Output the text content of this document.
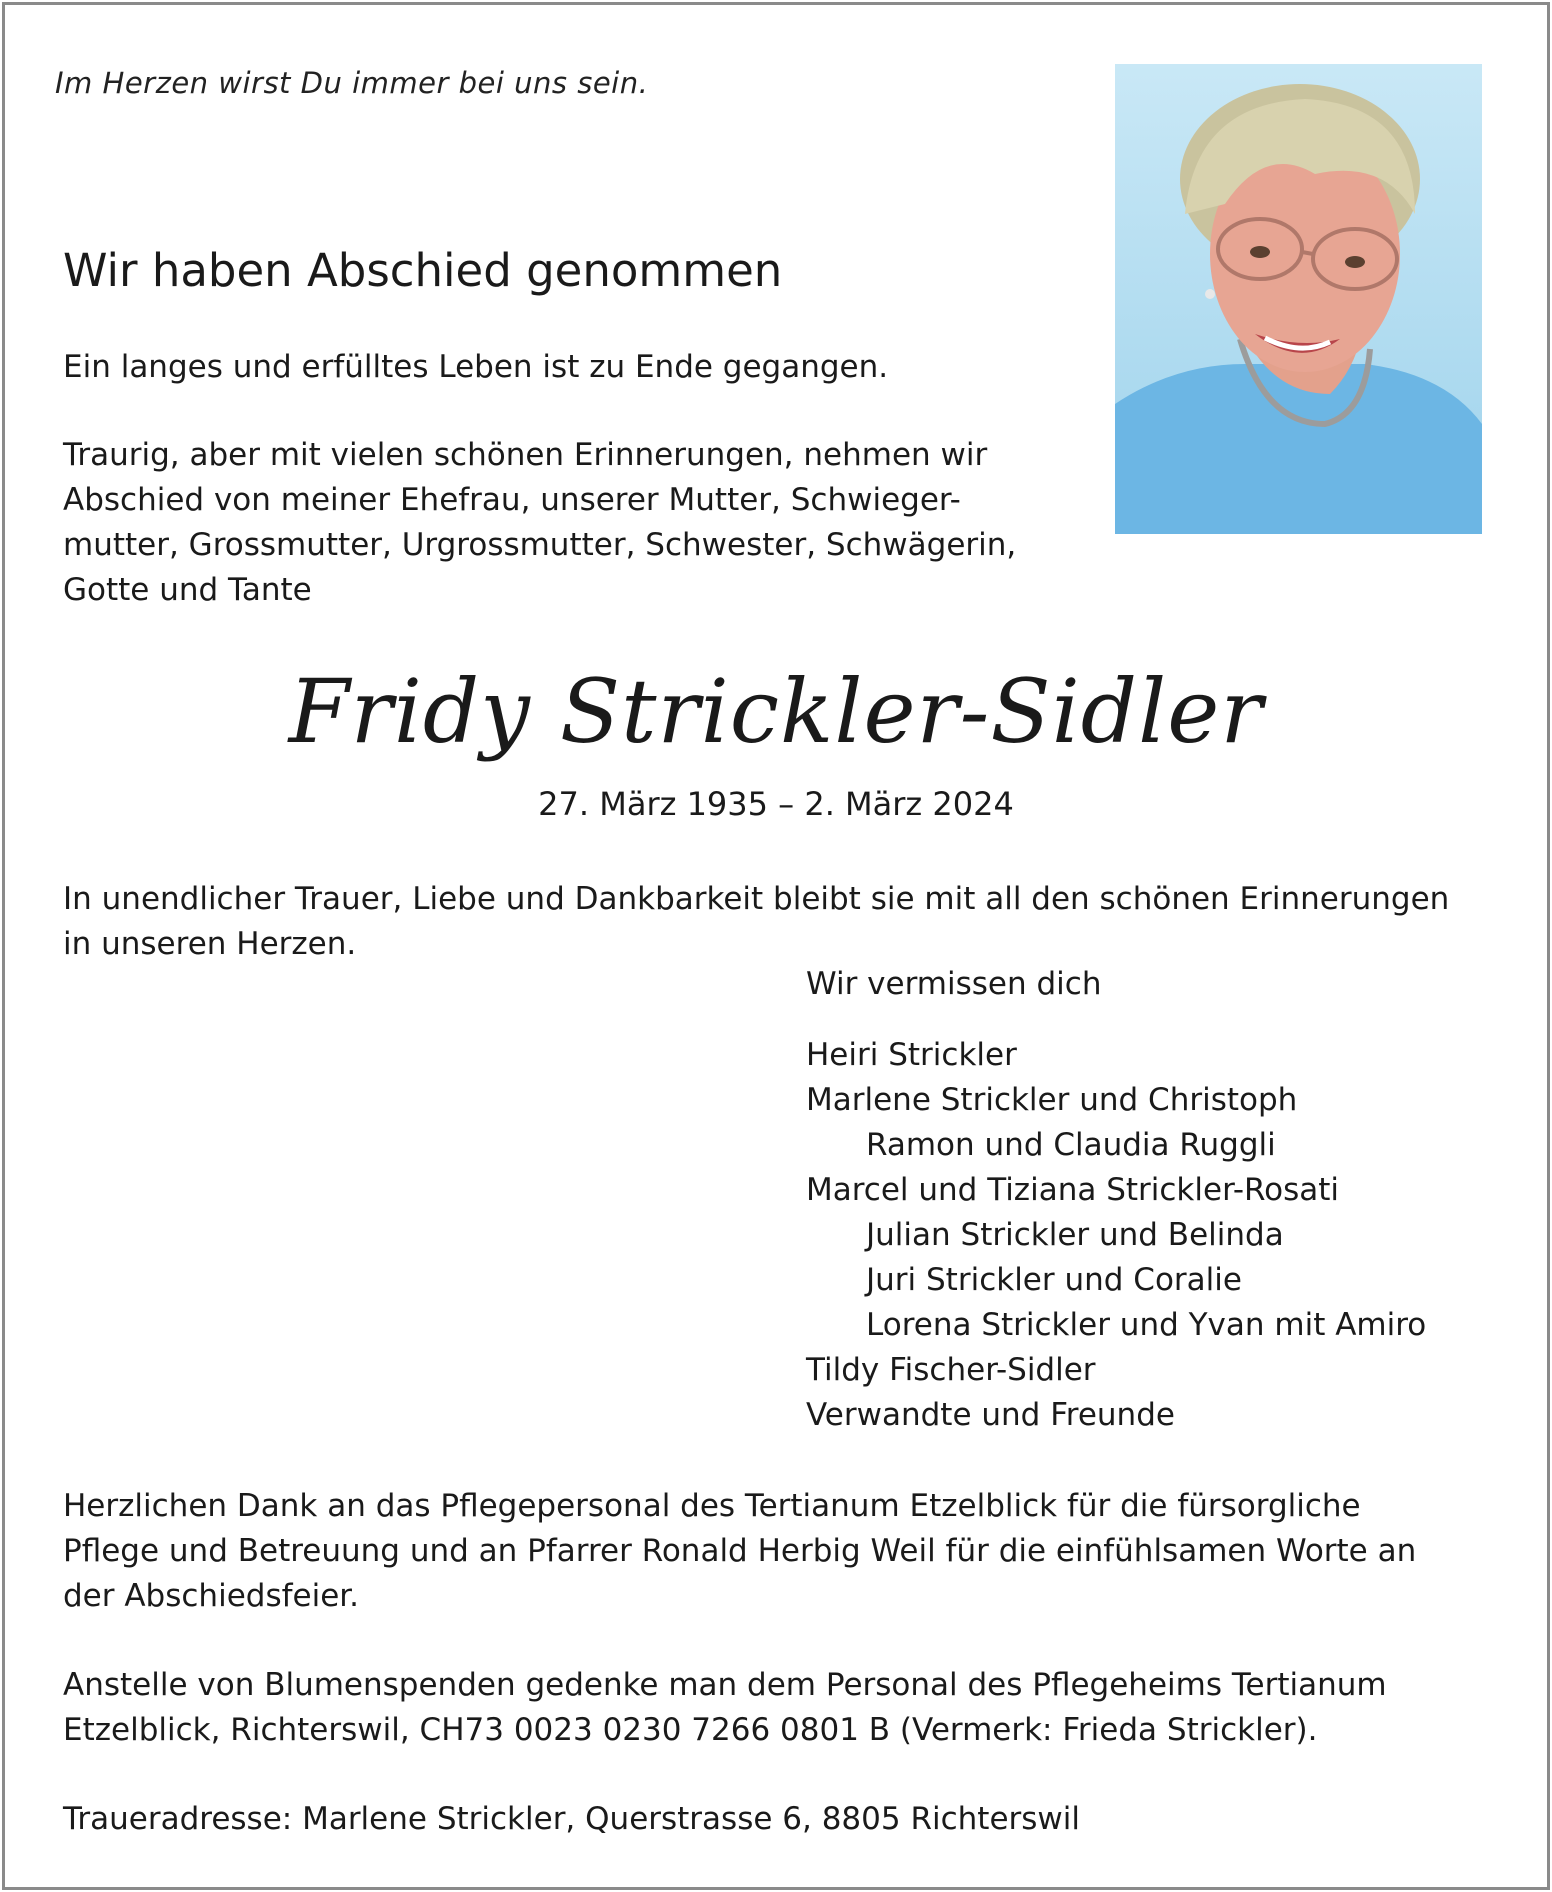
Im Herzen wirst Du immer bei uns sein.
Wir haben Abschied genommen
Ein langes und erfülltes Leben ist zu Ende gegangen.
Traurig, aber mit vielen schönen Erinnerungen, nehmen wir
Abschied von meiner Ehefrau, unserer Mutter, Schwieger-
mutter, Grossmutter, Urgrossmutter, Schwester, Schwägerin,
Gotte und Tante
Fridy Strickler-Sidler
27. März 1935 – 2. März 2024
In unendlicher Trauer, Liebe und Dankbarkeit bleibt sie mit all den schönen Erinnerungen
in unseren Herzen.
Wir vermissen dich
Heiri Strickler
Marlene Strickler und Christoph
Ramon und Claudia Ruggli
Marcel und Tiziana Strickler-Rosati
Julian Strickler und Belinda
Juri Strickler und Coralie
Lorena Strickler und Yvan mit Amiro
Tildy Fischer-Sidler
Verwandte und Freunde
Herzlichen Dank an das Pflegepersonal des Tertianum Etzelblick für die fürsorgliche
Pflege und Betreuung und an Pfarrer Ronald Herbig Weil für die einfühlsamen Worte an
der Abschiedsfeier.
Anstelle von Blumenspenden gedenke man dem Personal des Pflegeheims Tertianum
Etzelblick, Richterswil, CH73 0023 0230 7266 0801 B (Vermerk: Frieda Strickler).
Traueradresse: Marlene Strickler, Querstrasse 6, 8805 Richterswil
